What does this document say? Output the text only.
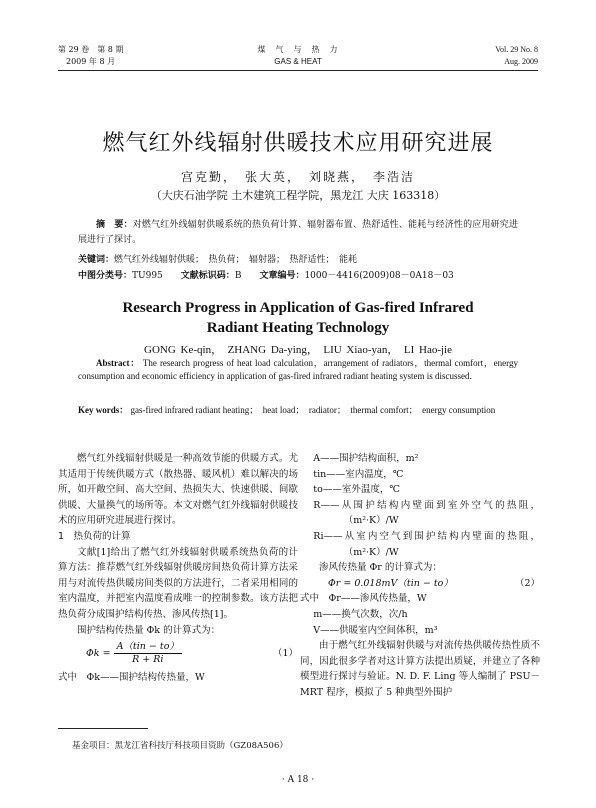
第 29 卷　第 8 期
2009 年 8 月
煤　气　与　热　力
GAS & HEAT
Vol. 29 No. 8
Aug. 2009
燃气红外线辐射供暖技术应用研究进展
宫克勤，　张大英，　刘晓燕，　李浩洁
（大庆石油学院 土木建筑工程学院，黑龙江 大庆 163318）
摘　要：对燃气红外线辐射供暖系统的热负荷计算、辐射器布置、热舒适性、能耗与经济性的应用研究进展进行了探讨。
关键词：燃气红外线辐射供暖；　热负荷；　辐射器；　热舒适性；　能耗
中图分类号：TU995 文献标识码：B 文章编号：1000－4416(2009)08－0A18－03
Research Progress in Application of Gas-fired Infrared
Radiant Heating Technology
GONG Ke-qin，　ZHANG Da-ying，　LIU Xiao-yan，　LI Hao-jie
Abstract： The research progress of heat load calculation，arrangement of radiators，thermal comfort，energy consumption and economic efficiency in application of gas-fired infrared radiant heating system is discussed.
Key words： gas-fired infrared radiant heating；　heat load；　radiator；　thermal comfort；　energy consumption

燃气红外线辐射供暖是一种高效节能的供暖方式。尤其适用于传统供暖方式（散热器、暖风机）难以解决的场所，如开敞空间、高大空间、热损失大、快速供暖、间歇供暖、大量换气的场所等。本文对燃气红外线辐射供暖技术的应用研究进展进行探讨。

1　热负荷的计算

文献[1]给出了燃气红外线辐射供暖系统热负荷的计算方法：推荐燃气红外线辐射供暖房间热负荷计算方法采用与对流传热供暖房间类似的方法进行，二者采用相同的室内温度，并把室内温度看成唯一的控制参数。该方法把热负荷分成围护结构传热、渗风传热[1]。

围护结构传热量 Φk 的计算式为：

$\Phi k = \frac{\text{A（tin − to）}}{R + Ri}$	（1）

式中　Φk——围护结构传热量，W

A——围护结构面积，m²

tin——室内温度，℃

to——室外温度，℃

R——从围护结构内壁面到室外空气的热阻，（m²·K）/W

Ri——从室内空气到围护结构内壁面的热阻，（m²·K）/W

渗风传热量 Φr 的计算式为：

Φr = 0.018mV（tin − to）	（2）

式中　Φr——渗风传热量，W

m——换气次数，次/h

V——供暖室内空间体积，m³

由于燃气红外线辐射供暖与对流传热供暖传热性质不同，因此很多学者对这计算方法提出质疑，并建立了各种模型进行探讨与验证。N. D. F. Ling 等人编制了 PSU－MRT 程序，模拟了 5 种典型外围护

基金项目：黑龙江省科技厅科技项目资助（GZ08A506）
· A 18 ·
